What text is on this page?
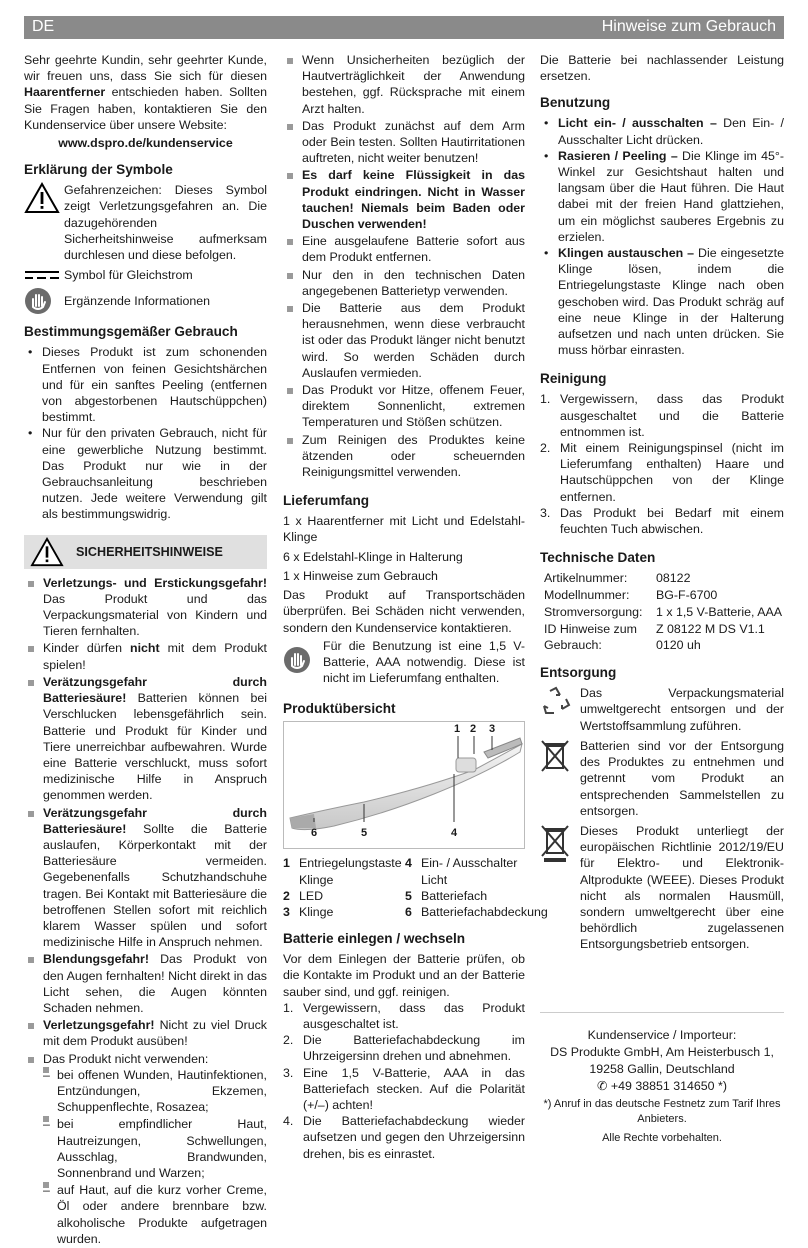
DE	Hinweise zum Gebrauch

Sehr geehrte Kundin, sehr geehrter Kunde, wir freuen uns, dass Sie sich für diesen Haarentferner entschieden haben. Sollten Sie Fragen haben, kontaktieren Sie den Kundenservice über unsere Website:

www.dspro.de/kundenservice

Erklärung der Symbole
Gefahrenzeichen: Dieses Symbol zeigt Verletzungsgefahren an. Die dazugehörenden Sicherheitshinweise aufmerksam durchlesen und diese befolgen.
Symbol für Gleichstrom
Ergänzende Informationen
Bestimmungsgemäßer Gebrauch
• Dieses Produkt ist zum schonenden Entfernen von feinen Gesichtshärchen und für ein sanftes Peeling (entfernen von abgestorbenen Hautschüppchen) bestimmt.
• Nur für den privaten Gebrauch, nicht für eine gewerbliche Nutzung bestimmt. Das Produkt nur wie in der Gebrauchsanleitung beschrieben nutzen. Jede weitere Verwendung gilt als bestimmungswidrig.
SICHERHEITSHINWEISE
Verletzungs- und Erstickungsgefahr! Das Produkt und das Verpackungsmaterial von Kindern und Tieren fernhalten.
Kinder dürfen nicht mit dem Produkt spielen!
Verätzungsgefahr durch Batteriesäure! Batterien können bei Verschlucken lebensgefährlich sein. Batterie und Produkt für Kinder und Tiere unerreichbar aufbewahren. Wurde eine Batterie verschluckt, muss sofort medizinische Hilfe in Anspruch genommen werden.
Verätzungsgefahr durch Batteriesäure! Sollte die Batterie auslaufen, Körperkontakt mit der Batteriesäure vermeiden. Gegebenenfalls Schutzhandschuhe tragen. Bei Kontakt mit Batteriesäure die betroffenen Stellen sofort mit reichlich klarem Wasser spülen und sofort medizinische Hilfe in Anspruch nehmen.
Blendungsgefahr! Das Produkt von den Augen fernhalten! Nicht direkt in das Licht sehen, die Augen könnten Schaden nehmen.
Verletzungsgefahr! Nicht zu viel Druck mit dem Produkt ausüben!
Das Produkt nicht verwenden:
– bei offenen Wunden, Hautinfektionen, Entzündungen, Ekzemen, Schuppenflechte, Rosazea;
– bei empfindlicher Haut, Hautreizungen, Schwellungen, Ausschlag, Brandwunden, Sonnenbrand und Warzen;
– auf Haut, auf die kurz vorher Creme, Öl oder andere brennbare bzw. alkoholische Produkte aufgetragen wurden.
Wenn Unsicherheiten bezüglich der Hautverträglichkeit der Anwendung bestehen, ggf. Rücksprache mit einem Arzt halten.
Das Produkt zunächst auf dem Arm oder Bein testen. Sollten Hautirritationen auftreten, nicht weiter benutzen!
Es darf keine Flüssigkeit in das Produkt eindringen. Nicht in Wasser tauchen! Niemals beim Baden oder Duschen verwenden!
Eine ausgelaufene Batterie sofort aus dem Produkt entfernen.
Nur den in den technischen Daten angegebenen Batterietyp verwenden.
Die Batterie aus dem Produkt herausnehmen, wenn diese verbraucht ist oder das Produkt länger nicht benutzt wird. So werden Schäden durch Auslaufen vermieden.
Das Produkt vor Hitze, offenem Feuer, direktem Sonnenlicht, extremen Temperaturen und Stößen schützen.
Zum Reinigen des Produktes keine ätzenden oder scheuernden Reinigungsmittel verwenden.
Lieferumfang

1 x Haarentferner mit Licht und Edelstahl-Klinge

6 x Edelstahl-Klinge in Halterung

1 x Hinweise zum Gebrauch

Das Produkt auf Transportschäden überprüfen. Bei Schäden nicht verwenden, sondern den Kundenservice kontaktieren.

Für die Benutzung ist eine 1,5 V-Batterie, AAA notwendig. Diese ist nicht im Lieferumfang enthalten.
Produktübersicht
1 2 3
4
5
6
1 Entriegelungstaste Klinge
4 Ein- / Ausschalter Licht
2 LED	5 Batteriefach
3 Klinge	6 Batteriefachabdeckung
Batterie einlegen / wechseln

Vor dem Einlegen der Batterie prüfen, ob die Kontakte im Produkt und an der Batterie sauber sind, und ggf. reinigen.

1. Vergewissern, dass das Produkt ausgeschaltet ist.
2. Die Batteriefachabdeckung im Uhrzeigersinn drehen und abnehmen.
3. Eine 1,5 V-Batterie, AAA in das Batteriefach stecken. Auf die Polarität (+/–) achten!
4. Die Batteriefachabdeckung wieder aufsetzen und gegen den Uhrzeigersinn drehen, bis es einrastet.

Die Batterie bei nachlassender Leistung ersetzen.

Benutzung
• Licht ein- / ausschalten – Den Ein- / Ausschalter Licht drücken.
• Rasieren / Peeling – Die Klinge im 45°-Winkel zur Gesichtshaut halten und langsam über die Haut führen. Die Haut dabei mit der freien Hand glattziehen, um ein möglichst sauberes Ergebnis zu erzielen.
• Klingen austauschen – Die eingesetzte Klinge lösen, indem die Entriegelungstaste Klinge nach oben geschoben wird. Das Produkt schräg auf eine neue Klinge in der Halterung aufsetzen und nach unten drücken. Sie muss hörbar einrasten.
Reinigung
1. Vergewissern, dass das Produkt ausgeschaltet und die Batterie entnommen ist.
2. Mit einem Reinigungspinsel (nicht im Lieferumfang enthalten) Haare und Hautschüppchen von der Klinge entfernen.
3. Das Produkt bei Bedarf mit einem feuchten Tuch abwischen.
Technische Daten
Artikelnummer:	08122
Modellnummer:	BG-F-6700
Stromversorgung:	1 x 1,5 V-Batterie, AAA
ID Hinweise zum Gebrauch:	Z 08122 M DS V1.1 0120 uh
Entsorgung
Das Verpackungsmaterial umweltgerecht entsorgen und der Wertstoffsammlung zuführen.
Batterien sind vor der Entsorgung des Produktes zu entnehmen und getrennt vom Produkt an entsprechenden Sammelstellen zu entsorgen.
Dieses Produkt unterliegt der europäischen Richtlinie 2012/19/EU für Elektro- und Elektronik-Altprodukte (WEEE). Dieses Produkt nicht als normalen Hausmüll, sondern umweltgerecht über eine behördlich zugelassenen Entsorgungsbetrieb entsorgen.
Kundenservice / Importeur:
DS Produkte GmbH, Am Heisterbusch 1,
19258 Gallin, Deutschland
✆ +49 38851 314650 *)
*) Anruf in das deutsche Festnetz zum Tarif Ihres Anbieters.
Alle Rechte vorbehalten.
